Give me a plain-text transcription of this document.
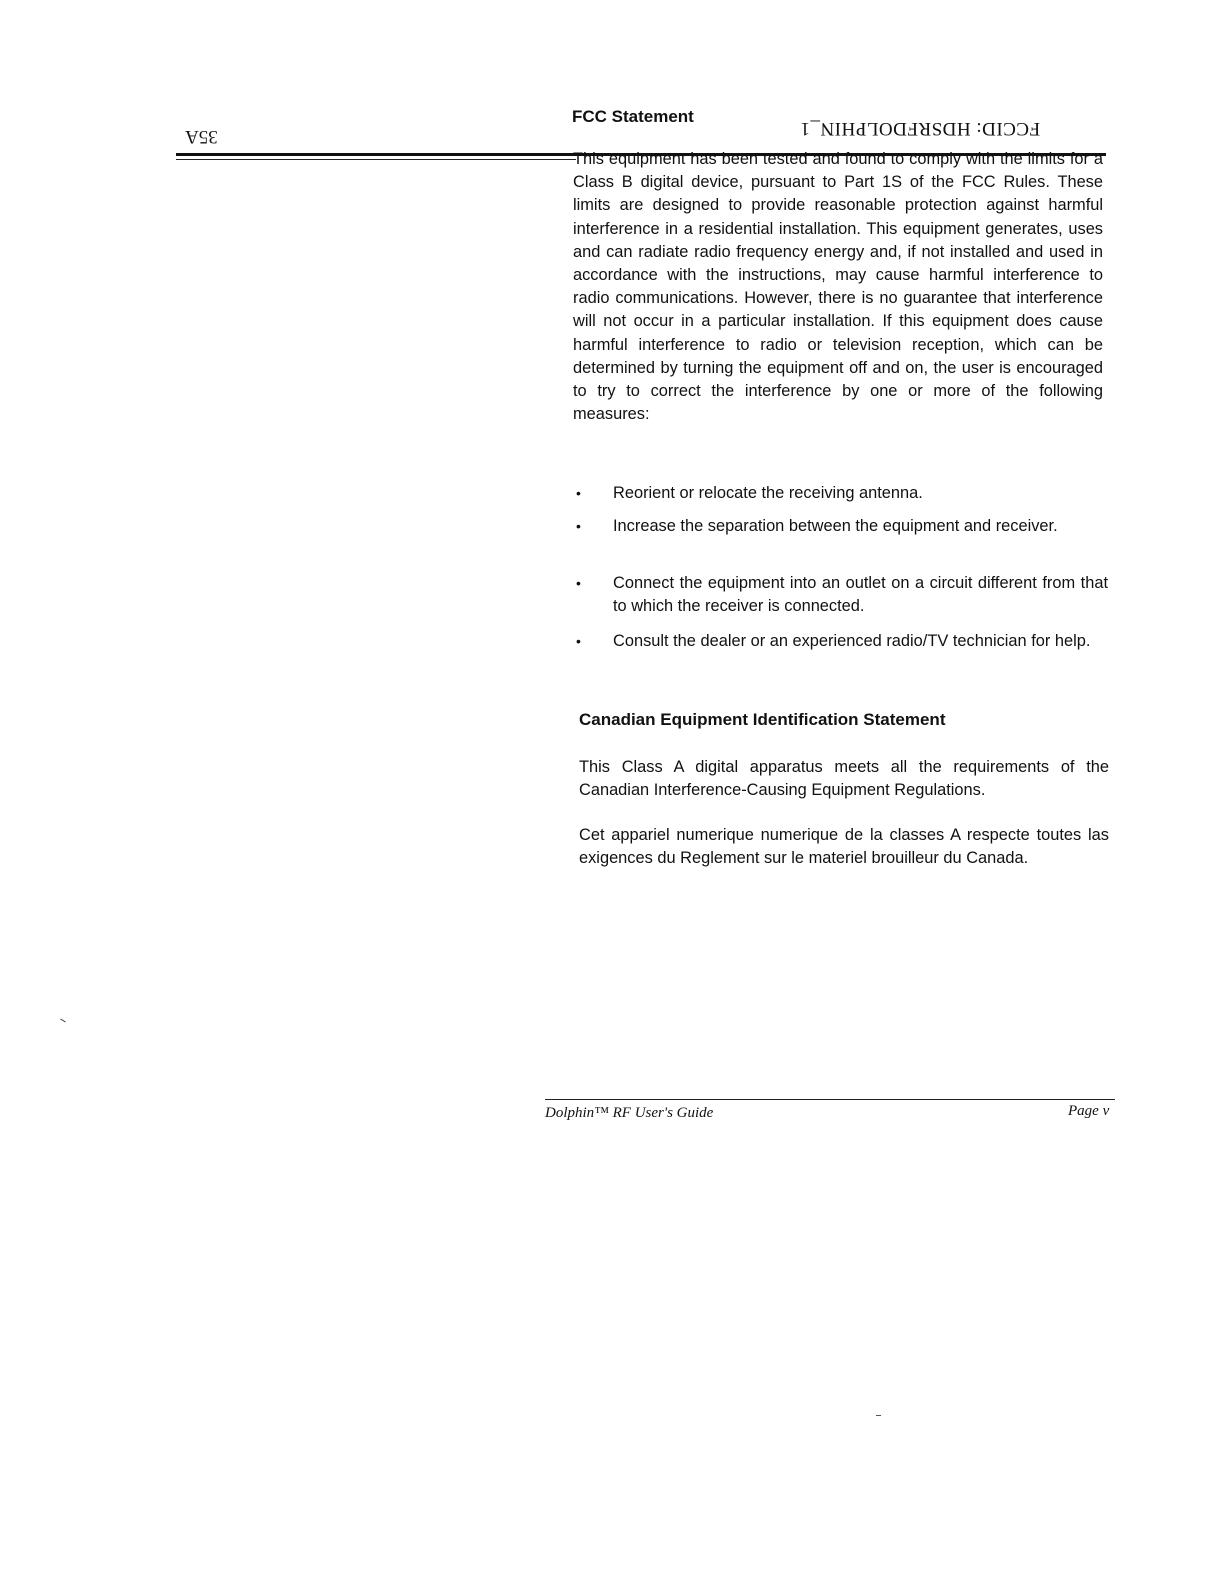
35A
FCC Statement
FCCID: HDSRFDOLPHIN_1
This equipment has been tested and found to comply with the limits for a Class B digital device, pursuant to Part 1S of the FCC Rules. These limits are designed to provide reasonable protection against harmful interference in a residential installation. This equipment generates, uses and can radiate radio frequency energy and, if not installed and used in accordance with the instructions, may cause harmful interference to radio communications. However, there is no guarantee that interference will not occur in a particular installation. If this equipment does cause harmful interference to radio or television reception, which can be determined by turning the equipment off and on, the user is encouraged to try to correct the interference by one or more of the following measures:
• Reorient or relocate the receiving antenna.
• Increase the separation between the equipment and receiver.
• Connect the equipment into an outlet on a circuit different from that to which the receiver is connected.
• Consult the dealer or an experienced radio/TV technician for help.
Canadian Equipment Identification Statement
This Class A digital apparatus meets all the requirements of the Canadian Interference-Causing Equipment Regulations.
Cet appariel numerique numerique de la classes A respecte toutes las exigences du Reglement sur le materiel brouilleur du Canada.
Dolphin™ RF User's Guide	Page v
